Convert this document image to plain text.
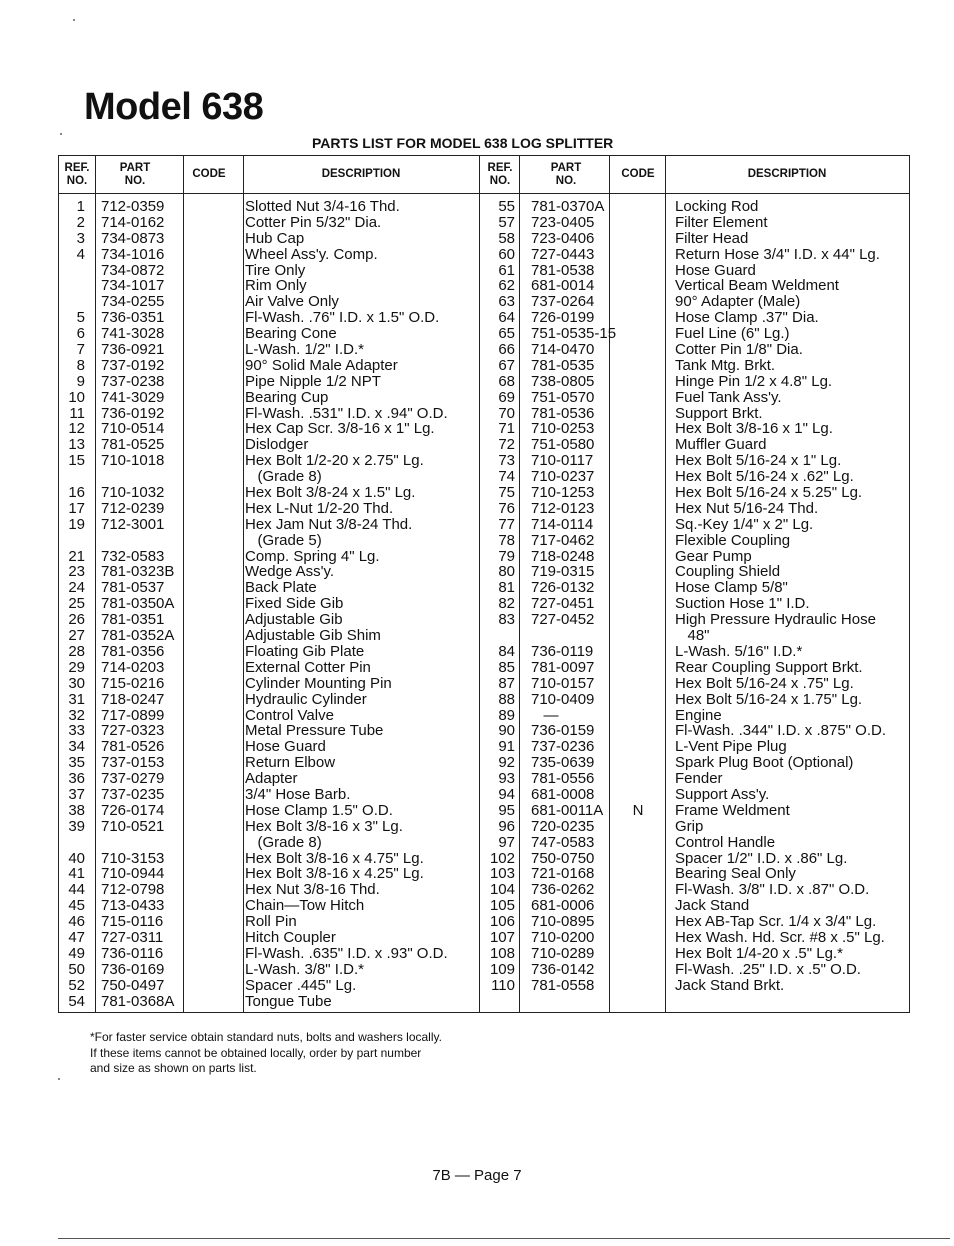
Model 638
PARTS LIST FOR MODEL 638 LOG SPLITTER
REF.
NO.
PART
NO.
CODE	DESCRIPTION
REF.
NO.
PART
NO.
CODE	DESCRIPTION
1 712-0359	Slotted Nut 3/4-16 Thd.	55 781-0370A	Locking Rod
2 714-0162	Cotter Pin 5/32" Dia.	57 723-0405	Filter Element
3 734-0873	Hub Cap	58 723-0406	Filter Head
4 734-1016	Wheel Ass'y. Comp.	60 727-0443	Return Hose 3/4" I.D. x 44" Lg.
734-0872	Tire Only	61 781-0538	Hose Guard
734-1017	Rim Only	62 681-0014	Vertical Beam Weldment
734-0255	Air Valve Only	63 737-0264	90° Adapter (Male)
5 736-0351	Fl-Wash. .76" I.D. x 1.5" O.D.	64 726-0199	Hose Clamp .37" Dia.
6 741-3028	Bearing Cone	65 751-0535-15	Fuel Line (6" Lg.)
7 736-0921	L-Wash. 1/2" I.D.*	66 714-0470	Cotter Pin 1/8" Dia.
8 737-0192	90° Solid Male Adapter	67 781-0535	Tank Mtg. Brkt.
9 737-0238	Pipe Nipple 1/2 NPT	68 738-0805	Hinge Pin 1/2 x 4.8" Lg.
10 741-3029	Bearing Cup	69 751-0570	Fuel Tank Ass'y.
11 736-0192	Fl-Wash. .531" I.D. x .94" O.D.	70 781-0536	Support Brkt.
12 710-0514	Hex Cap Scr. 3/8-16 x 1" Lg.	71 710-0253	Hex Bolt 3/8-16 x 1" Lg.
13 781-0525	Dislodger	72 751-0580	Muffler Guard
15 710-1018	Hex Bolt 1/2-20 x 2.75" Lg.	73 710-0117	Hex Bolt 5/16-24 x 1" Lg.
(Grade 8)	74 710-0237	Hex Bolt 5/16-24 x .62" Lg.
16 710-1032	Hex Bolt 3/8-24 x 1.5" Lg.	75 710-1253	Hex Bolt 5/16-24 x 5.25" Lg.
17 712-0239	Hex L-Nut 1/2-20 Thd.	76 712-0123	Hex Nut 5/16-24 Thd.
19 712-3001	Hex Jam Nut 3/8-24 Thd.	77 714-0114	Sq.-Key 1/4" x 2" Lg.
(Grade 5)	78 717-0462	Flexible Coupling
21 732-0583	Comp. Spring 4" Lg.	79 718-0248	Gear Pump
23 781-0323B	Wedge Ass'y.	80 719-0315	Coupling Shield
24 781-0537	Back Plate	81 726-0132	Hose Clamp 5/8"
25 781-0350A	Fixed Side Gib	82 727-0451	Suction Hose 1" I.D.
26 781-0351	Adjustable Gib	83 727-0452	High Pressure Hydraulic Hose
27 781-0352A	Adjustable Gib Shim	48"
28 781-0356	Floating Gib Plate	84 736-0119	L-Wash. 5/16" I.D.*
29 714-0203	External Cotter Pin	85 781-0097	Rear Coupling Support Brkt.
30 715-0216	Cylinder Mounting Pin	87 710-0157	Hex Bolt 5/16-24 x .75" Lg.
31 718-0247	Hydraulic Cylinder	88 710-0409	Hex Bolt 5/16-24 x 1.75" Lg.
32 717-0899	Control Valve	89 —	Engine
33 727-0323	Metal Pressure Tube	90 736-0159	Fl-Wash. .344" I.D. x .875" O.D.
34 781-0526	Hose Guard	91 737-0236	L-Vent Pipe Plug
35 737-0153	Return Elbow	92 735-0639	Spark Plug Boot (Optional)
36 737-0279	Adapter	93 781-0556	Fender
37 737-0235	3/4" Hose Barb.	94 681-0008	Support Ass'y.
38 726-0174	Hose Clamp 1.5" O.D.	95 681-0011A	N	Frame Weldment
39 710-0521	Hex Bolt 3/8-16 x 3" Lg.	96 720-0235	Grip
(Grade 8)	97 747-0583	Control Handle
40 710-3153	Hex Bolt 3/8-16 x 4.75" Lg.	102 750-0750	Spacer 1/2" I.D. x .86" Lg.
41 710-0944	Hex Bolt 3/8-16 x 4.25" Lg.	103 721-0168	Bearing Seal Only
44 712-0798	Hex Nut 3/8-16 Thd.	104 736-0262	Fl-Wash. 3/8" I.D. x .87" O.D.
45 713-0433	Chain—Tow Hitch	105 681-0006	Jack Stand
46 715-0116	Roll Pin	106 710-0895	Hex AB-Tap Scr. 1/4 x 3/4" Lg.
47 727-0311	Hitch Coupler	107 710-0200	Hex Wash. Hd. Scr. #8 x .5" Lg.
49 736-0116	Fl-Wash. .635" I.D. x .93" O.D.	108 710-0289	Hex Bolt 1/4-20 x .5" Lg.*
50 736-0169	L-Wash. 3/8" I.D.*	109 736-0142	Fl-Wash. .25" I.D. x .5" O.D.
52 750-0497	Spacer .445" Lg.	110 781-0558	Jack Stand Brkt.
54 781-0368A	Tongue Tube
*For faster service obtain standard nuts, bolts and washers locally.
If these items cannot be obtained locally, order by part number
and size as shown on parts list.
7B — Page 7
